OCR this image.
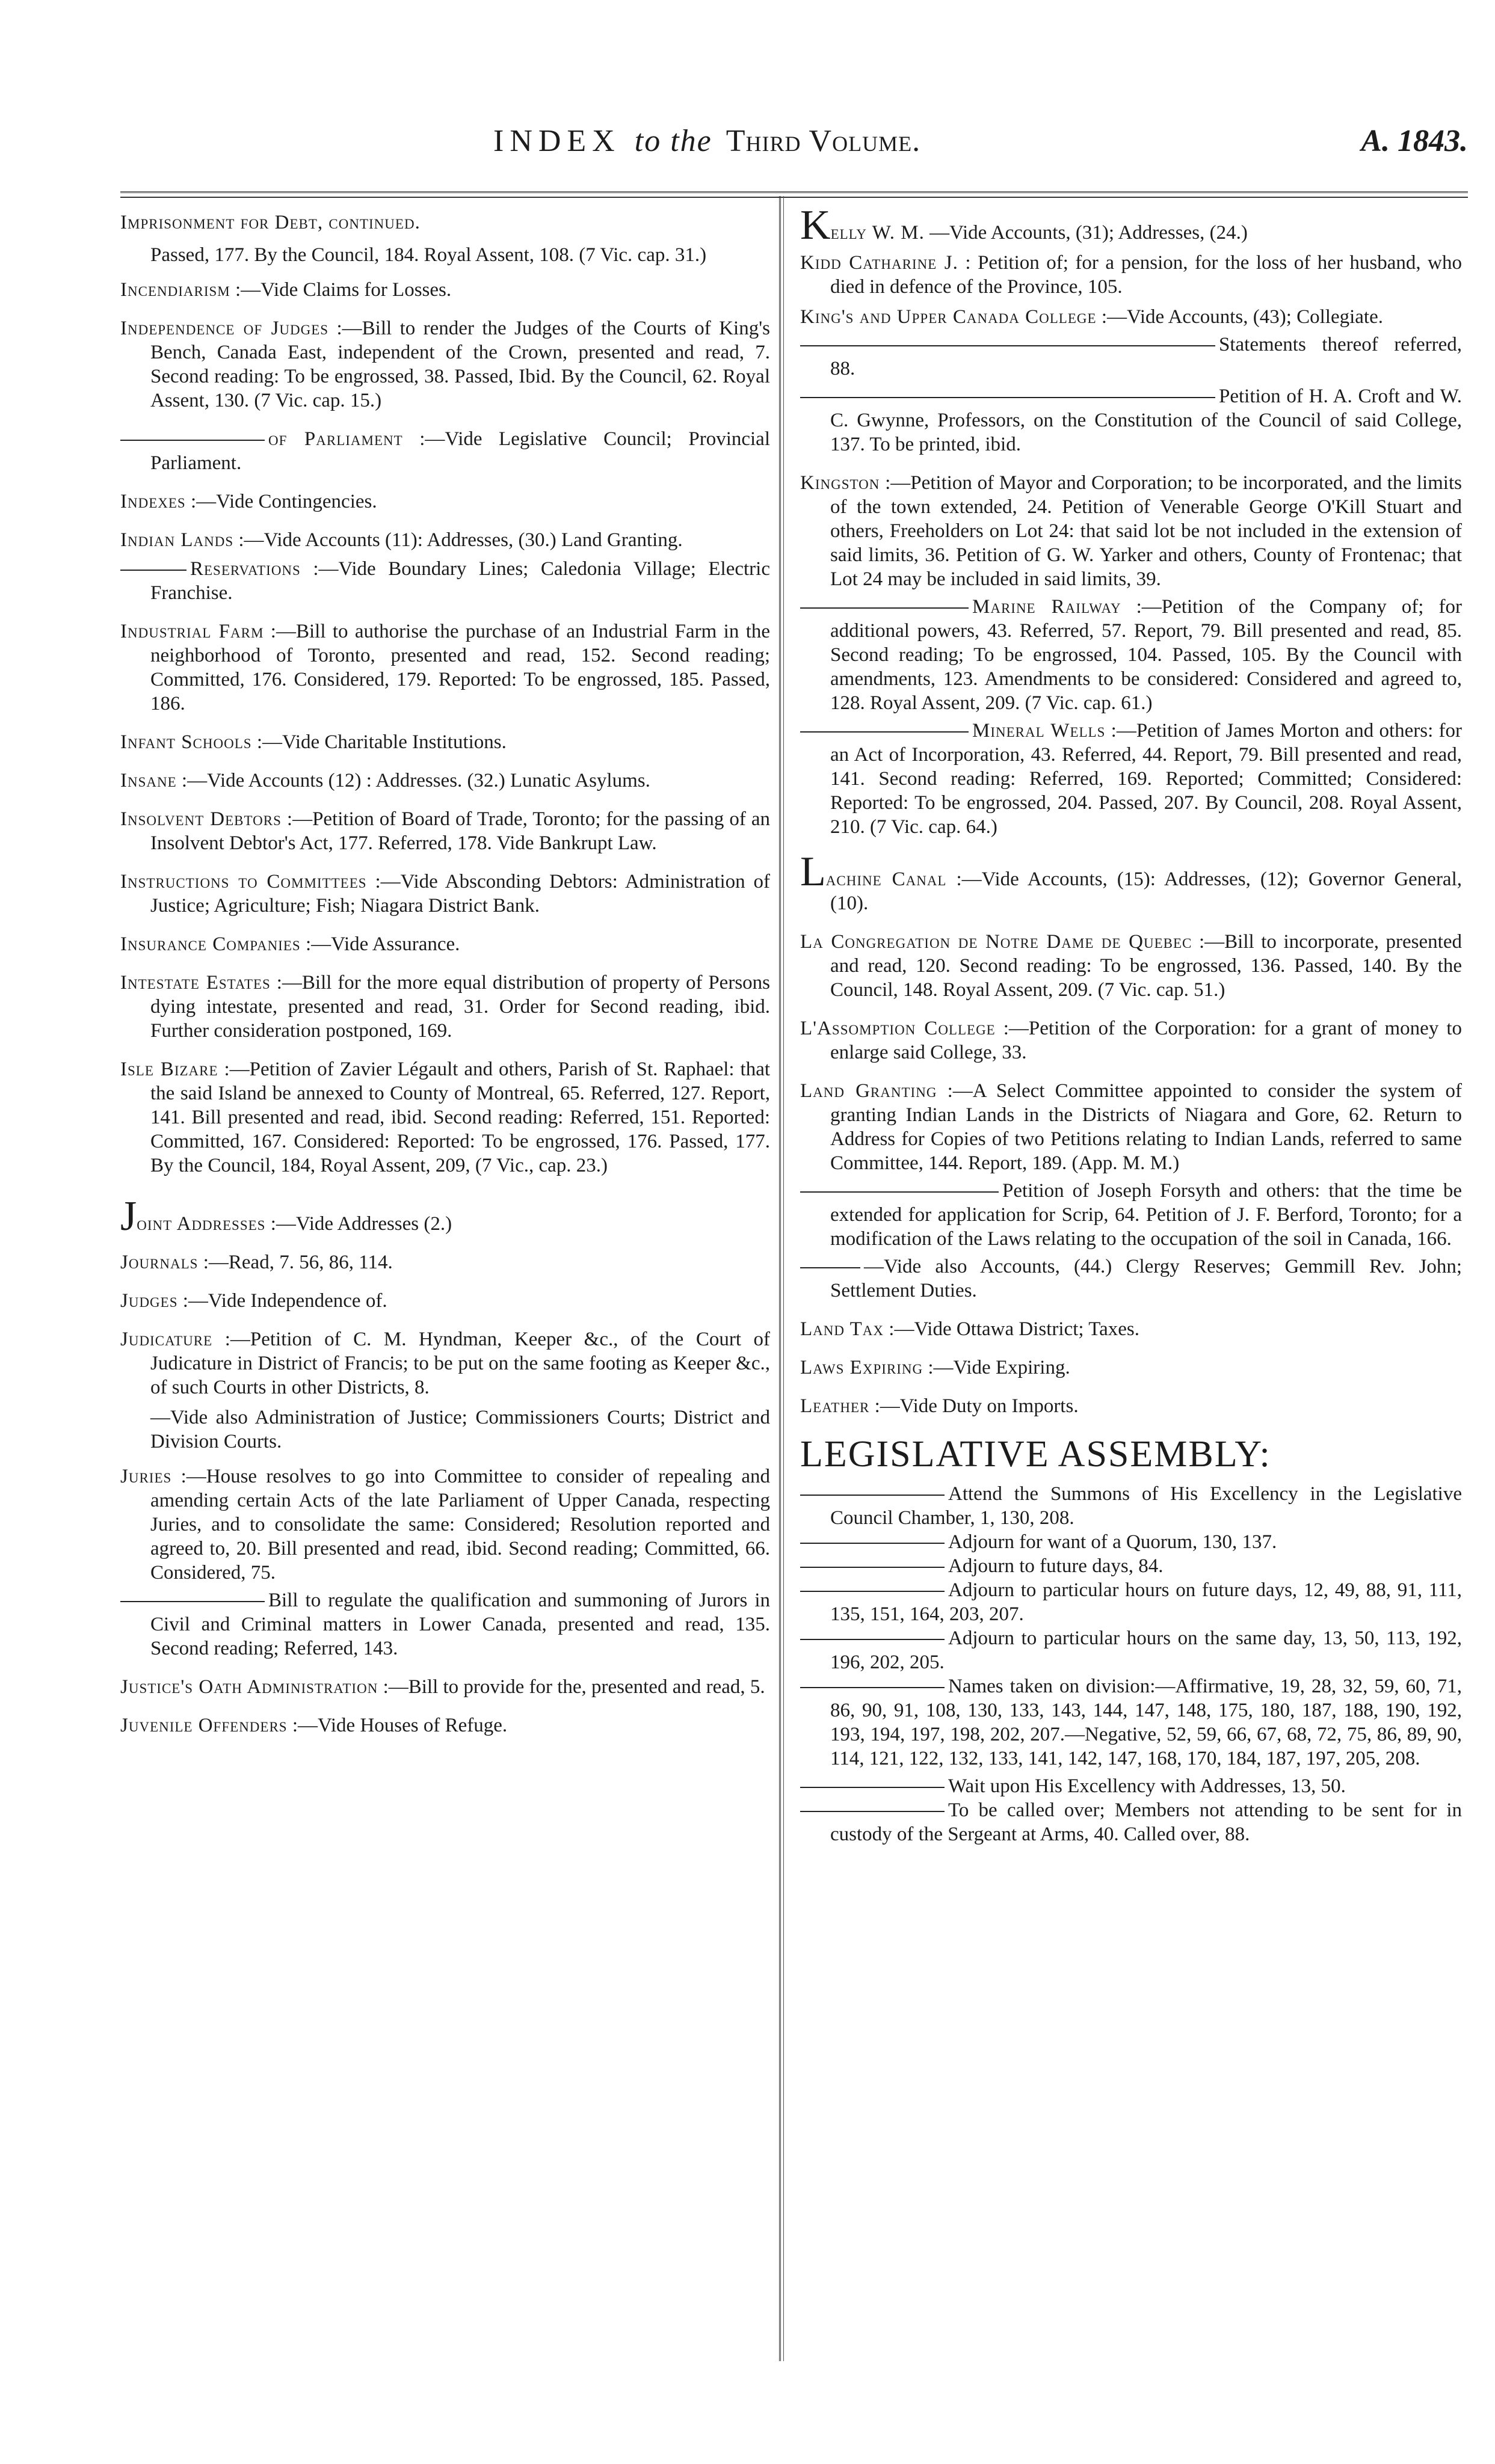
INDEX to the Third Volume.	A. 1843.
Imprisonment for Debt, continued.
Passed, 177. By the Council, 184. Royal Assent, 108. (7 Vic. cap. 31.)
Incendiarism :—Vide Claims for Losses.
Independence of Judges :—Bill to render the Judges of the Courts of King's Bench, Canada East, independent of the Crown, presented and read, 7. Second reading: To be engrossed, 38. Passed, Ibid. By the Council, 62. Royal Assent, 130. (7 Vic. cap. 15.)
of Parliament :—Vide Legislative Council; Provincial Parliament.
Indexes :—Vide Contingencies.
Indian Lands :—Vide Accounts (11): Addresses, (30.) Land Granting.
Reservations :—Vide Boundary Lines; Caledonia Village; Electric Franchise.
Industrial Farm :—Bill to authorise the purchase of an Industrial Farm in the neighborhood of Toronto, presented and read, 152. Second reading; Committed, 176. Considered, 179. Reported: To be engrossed, 185. Passed, 186.
Infant Schools :—Vide Charitable Institutions.
Insane :—Vide Accounts (12) : Addresses. (32.) Lunatic Asylums.
Insolvent Debtors :—Petition of Board of Trade, Toronto; for the passing of an Insolvent Debtor's Act, 177. Referred, 178. Vide Bankrupt Law.
Instructions to Committees :—Vide Absconding Debtors: Administration of Justice; Agriculture; Fish; Niagara District Bank.
Insurance Companies :—Vide Assurance.
Intestate Estates :—Bill for the more equal distribution of property of Persons dying intestate, presented and read, 31. Order for Second reading, ibid. Further consideration postponed, 169.
Isle Bizare :—Petition of Zavier Légault and others, Parish of St. Raphael: that the said Island be annexed to County of Montreal, 65. Referred, 127. Report, 141. Bill presented and read, ibid. Second reading: Referred, 151. Reported: Committed, 167. Considered: Reported: To be engrossed, 176. Passed, 177. By the Council, 184, Royal Assent, 209, (7 Vic., cap. 23.)
Joint Addresses :—Vide Addresses (2.)
Journals :—Read, 7. 56, 86, 114.
Judges :—Vide Independence of.
Judicature :—Petition of C. M. Hyndman, Keeper &c., of the Court of Judicature in District of Francis; to be put on the same footing as Keeper &c., of such Courts in other Districts, 8.
—Vide also Administration of Justice; Commissioners Courts; District and Division Courts.
Juries :—House resolves to go into Committee to consider of repealing and amending certain Acts of the late Parliament of Upper Canada, respecting Juries, and to consolidate the same: Considered; Resolution reported and agreed to, 20. Bill presented and read, ibid. Second reading; Committed, 66. Considered, 75.
Bill to regulate the qualification and summoning of Jurors in Civil and Criminal matters in Lower Canada, presented and read, 135. Second reading; Referred, 143.
Justice's Oath Administration :—Bill to provide for the, presented and read, 5.
Juvenile Offenders :—Vide Houses of Refuge.
Kelly W. M. —Vide Accounts, (31); Addresses, (24.)
Kidd Catharine J. : Petition of; for a pension, for the loss of her husband, who died in defence of the Province, 105.
King's and Upper Canada College :—Vide Accounts, (43); Collegiate.
Statements thereof referred, 88.
Petition of H. A. Croft and W. C. Gwynne, Professors, on the Constitution of the Council of said College, 137. To be printed, ibid.
Kingston :—Petition of Mayor and Corporation; to be incorporated, and the limits of the town extended, 24. Petition of Venerable George O'Kill Stuart and others, Freeholders on Lot 24: that said lot be not included in the extension of said limits, 36. Petition of G. W. Yarker and others, County of Frontenac; that Lot 24 may be included in said limits, 39.
Marine Railway :—Petition of the Company of; for additional powers, 43. Referred, 57. Report, 79. Bill presented and read, 85. Second reading; To be engrossed, 104. Passed, 105. By the Council with amendments, 123. Amendments to be considered: Considered and agreed to, 128. Royal Assent, 209. (7 Vic. cap. 61.)
Mineral Wells :—Petition of James Morton and others: for an Act of Incorporation, 43. Referred, 44. Report, 79. Bill presented and read, 141. Second reading: Referred, 169. Reported; Committed; Considered: Reported: To be engrossed, 204. Passed, 207. By Council, 208. Royal Assent, 210. (7 Vic. cap. 64.)
Lachine Canal :—Vide Accounts, (15): Addresses, (12); Governor General, (10).
La Congregation de Notre Dame de Quebec :—Bill to incorporate, presented and read, 120. Second reading: To be engrossed, 136. Passed, 140. By the Council, 148. Royal Assent, 209. (7 Vic. cap. 51.)
L'Assomption College :—Petition of the Corporation: for a grant of money to enlarge said College, 33.
Land Granting :—A Select Committee appointed to consider the system of granting Indian Lands in the Districts of Niagara and Gore, 62. Return to Address for Copies of two Petitions relating to Indian Lands, referred to same Committee, 144. Report, 189. (App. M. M.)
Petition of Joseph Forsyth and others: that the time be extended for application for Scrip, 64. Petition of J. F. Berford, Toronto; for a modification of the Laws relating to the occupation of the soil in Canada, 166.
—Vide also Accounts, (44.) Clergy Reserves; Gemmill Rev. John; Settlement Duties.
Land Tax :—Vide Ottawa District; Taxes.
Laws Expiring :—Vide Expiring.
Leather :—Vide Duty on Imports.
LEGISLATIVE ASSEMBLY:
Attend the Summons of His Excellency in the Legislative Council Chamber, 1, 130, 208.
Adjourn for want of a Quorum, 130, 137.
Adjourn to future days, 84.
Adjourn to particular hours on future days, 12, 49, 88, 91, 111, 135, 151, 164, 203, 207.
Adjourn to particular hours on the same day, 13, 50, 113, 192, 196, 202, 205.
Names taken on division:—Affirmative, 19, 28, 32, 59, 60, 71, 86, 90, 91, 108, 130, 133, 143, 144, 147, 148, 175, 180, 187, 188, 190, 192, 193, 194, 197, 198, 202, 207.—Negative, 52, 59, 66, 67, 68, 72, 75, 86, 89, 90, 114, 121, 122, 132, 133, 141, 142, 147, 168, 170, 184, 187, 197, 205, 208.
Wait upon His Excellency with Addresses, 13, 50.
To be called over; Members not attending to be sent for in custody of the Sergeant at Arms, 40. Called over, 88.
